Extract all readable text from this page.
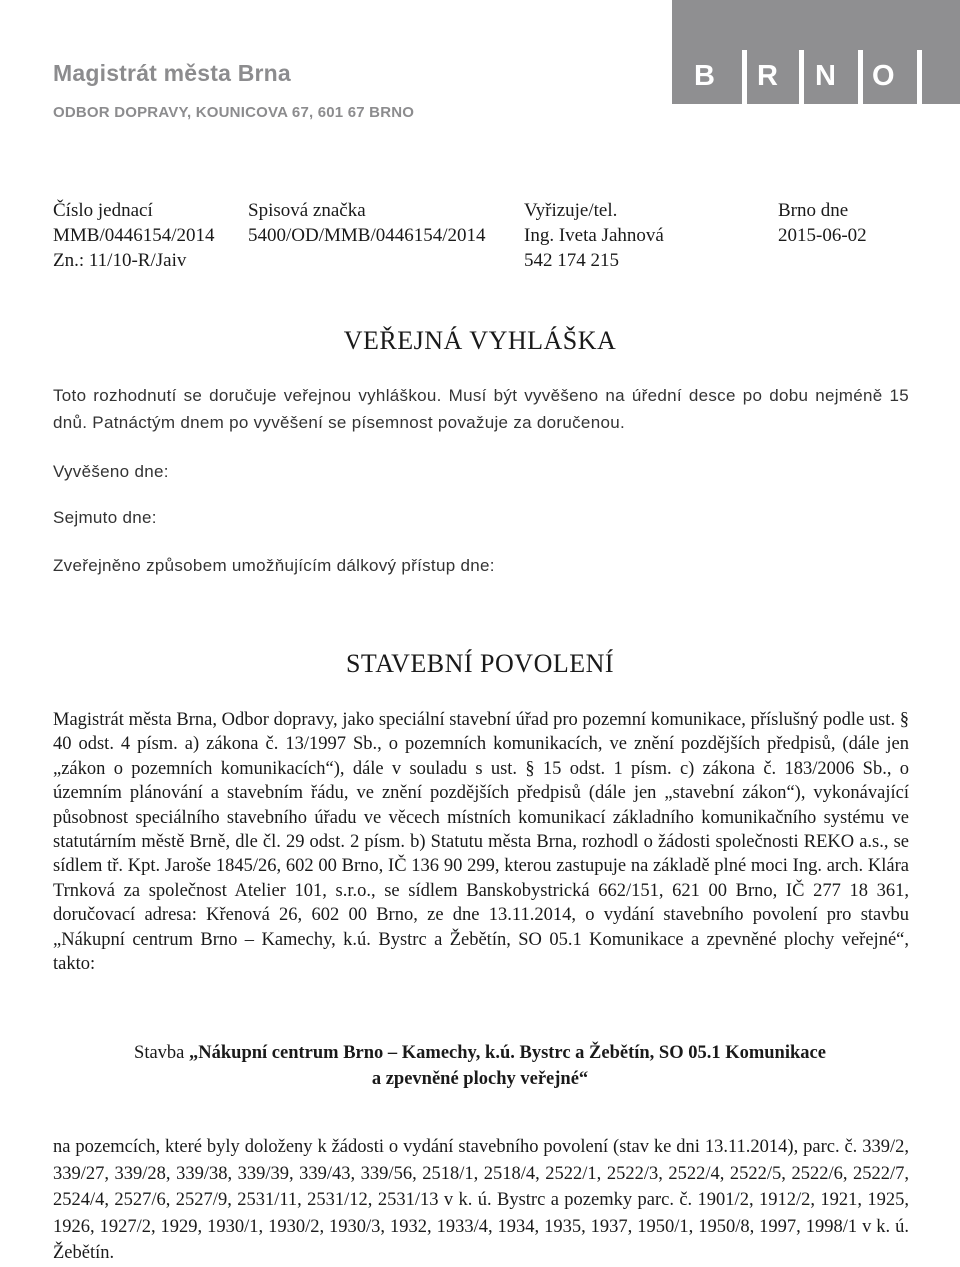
Magistrát města Brna
ODBOR DOPRAVY, KOUNICOVA 67, 601 67 BRNO
B R N O
Číslo jednací
MMB/0446154/2014
Zn.: 11/10-R/Jaiv
Spisová značka
5400/OD/MMB/0446154/2014
Vyřizuje/tel.
Ing. Iveta Jahnová
542 174 215
Brno dne
2015-06-02
VEŘEJNÁ VYHLÁŠKA
Toto rozhodnutí se doručuje veřejnou vyhláškou. Musí být vyvěšeno na úřední desce po dobu nejméně 15 dnů. Patnáctým dnem po vyvěšení se písemnost považuje za doručenou.
Vyvěšeno dne:
Sejmuto dne:
Zveřejněno způsobem umožňujícím dálkový přístup dne:
STAVEBNÍ POVOLENÍ
Magistrát města Brna, Odbor dopravy, jako speciální stavební úřad pro pozemní komunikace, příslušný podle ust. § 40 odst. 4 písm. a) zákona č. 13/1997 Sb., o pozemních komunikacích, ve znění pozdějších předpisů, (dále jen „zákon o pozemních komunikacích“), dále v souladu s ust. § 15 odst. 1 písm. c) zákona č. 183/2006 Sb., o územním plánování a stavebním řádu, ve znění pozdějších předpisů (dále jen „stavební zákon“), vykonávající působnost speciálního stavebního úřadu ve věcech místních komunikací základního komunikačního systému ve statutárním městě Brně, dle čl. 29 odst. 2 písm. b) Statutu města Brna, rozhodl o žádosti společnosti REKO a.s., se sídlem tř. Kpt. Jaroše 1845/26, 602 00 Brno, IČ 136 90 299, kterou zastupuje na základě plné moci Ing. arch. Klára Trnková za společnost Atelier 101, s.r.o., se sídlem Banskobystrická 662/151, 621 00 Brno, IČ 277 18 361, doručovací adresa: Křenová 26, 602 00 Brno, ze dne 13.11.2014, o vydání stavebního povolení pro stavbu „Nákupní centrum Brno – Kamechy, k.ú. Bystrc a Žebětín, SO 05.1 Komunikace a zpevněné plochy veřejné“, takto:
Stavba „Nákupní centrum Brno – Kamechy, k.ú. Bystrc a Žebětín, SO 05.1 Komunikace
a zpevněné plochy veřejné“
na pozemcích, které byly doloženy k žádosti o vydání stavebního povolení (stav ke dni 13.11.2014), parc. č. 339/2, 339/27, 339/28, 339/38, 339/39, 339/43, 339/56, 2518/1, 2518/4, 2522/1, 2522/3, 2522/4, 2522/5, 2522/6, 2522/7, 2524/4, 2527/6, 2527/9, 2531/11, 2531/12, 2531/13 v k. ú. Bystrc a pozemky parc. č. 1901/2, 1912/2, 1921, 1925, 1926, 1927/2, 1929, 1930/1, 1930/2, 1930/3, 1932, 1933/4, 1934, 1935, 1937, 1950/1, 1950/8, 1997, 1998/1 v k. ú. Žebětín.
